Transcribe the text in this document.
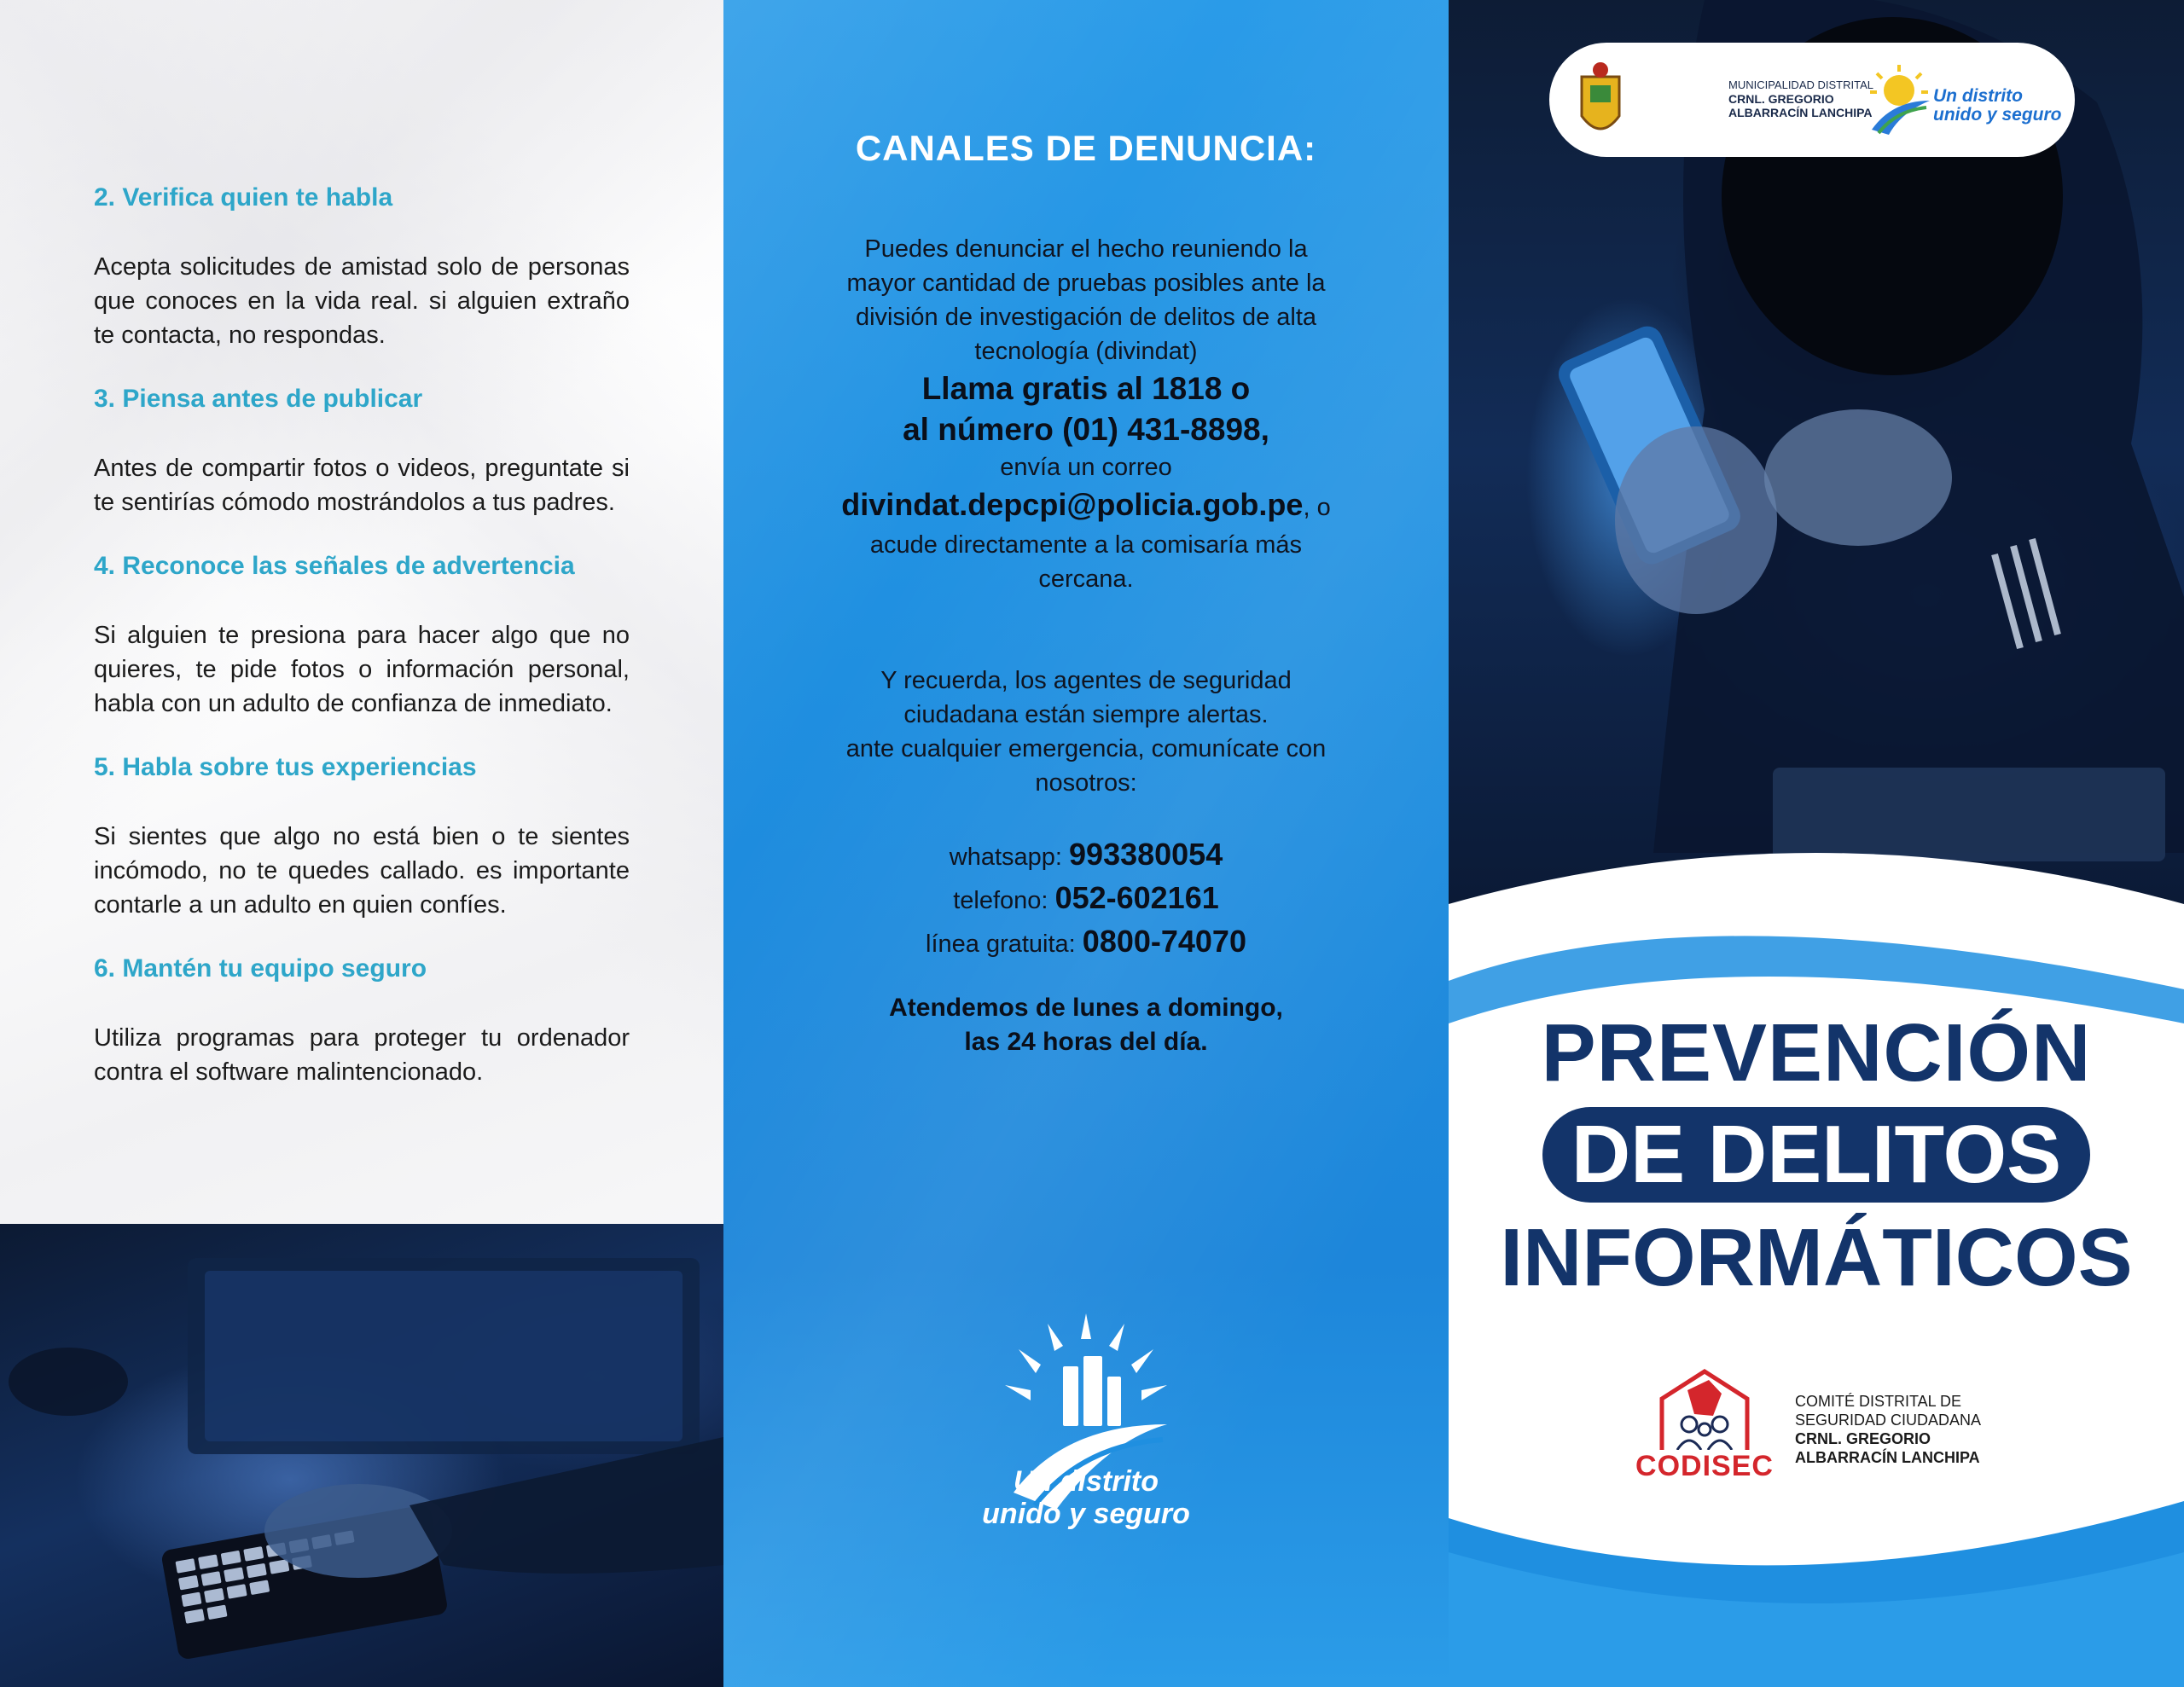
2. Verifica quien te habla

Acepta solicitudes de amistad solo de personas que conoces en la vida real. si alguien extraño te contacta, no respondas.

3. Piensa antes de publicar

Antes de compartir fotos o videos, preguntate si te sentirías cómodo mostrándolos a tus padres.

4. Reconoce las señales de advertencia

Si alguien te presiona para hacer algo que no quieres, te pide fotos o información personal, habla con un adulto de confianza de inmediato.

5. Habla sobre tus experiencias

Si sientes que algo no está bien o te sientes incómodo, no te quedes callado. es importante contarle a un adulto en quien confíes.

6. Mantén tu equipo seguro

Utiliza programas para proteger tu ordenador contra el software malintencionado.

CANALES DE DENUNCIA:
Puedes denunciar el hecho reuniendo la
mayor cantidad de pruebas posibles ante la
división de investigación de delitos de alta
tecnología (divindat)
Llama gratis al 1818 o
al número (01) 431-8898,
envía un correo
divindat.depcpi@policia.gob.pe, o
acude directamente a la comisaría más
cercana.
Y recuerda, los agentes de seguridad
ciudadana están siempre alertas.
ante cualquier emergencia, comunícate con
nosotros:
whatsapp: 993380054
telefono: 052-602161
línea gratuita: 0800-74070
Atendemos de lunes a domingo,
las 24 horas del día.
Un distrito
unido y seguro
MUNICIPALIDAD DISTRITAL
CRNL. GREGORIO
ALBARRACÍN LANCHIPA
Un distrito
unido y seguro
PREVENCIÓN
DE DELITOS
INFORMÁTICOS
CODISEC
COMITÉ DISTRITAL DE
SEGURIDAD CIUDADANA
CRNL. GREGORIO
ALBARRACÍN LANCHIPA
